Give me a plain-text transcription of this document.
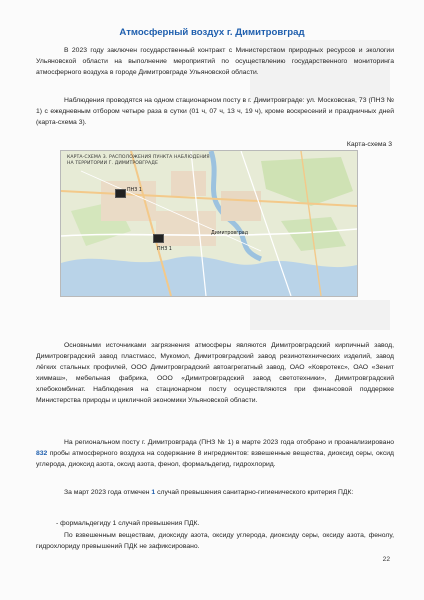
Атмосферный воздух г. Димитровград
В 2023 году заключен государственный контракт с Министерством природных ресурсов и экологии Ульяновской области на выполнение мероприятий по осуществлению государственного мониторинга атмосферного воздуха в городе Димитровграде Ульяновской области.
Наблюдения проводятся на одном стационарном посту в г. Димитровграде: ул. Московская, 73 (ПНЗ № 1) с ежедневным отбором четыре раза в сутки (01 ч, 07 ч, 13 ч, 19 ч), кроме воскресений и праздничных дней (карта-схема 3).
Карта-схема 3
КАРТА-СХЕМА 3. РАСПОЛОЖЕНИЯ ПУНКТА НАБЛЮДЕНИЯ
НА ТЕРРИТОРИИ Г. ДИМИТРОВГРАДЕ
ПНЗ 1
ПНЗ 1
Димитровград
Основными источниками загрязнения атмосферы являются Димитровградский кирпичный завод, Димитровградский завод пластмасс, Мукомол, Димитровградский завод резинотехнических изделий, завод лёгких стальных профилей, ООО Димитровградский автоагрегатный завод, ОАО «Ковротекс», ОАО «Зенит химмаш», мебельная фабрика, ООО «Димитровградский завод светотехники», Димитровградский хлебокомбинат. Наблюдения на стационарном посту осуществляются при финансовой поддержке Министерства природы и цикличной экономики Ульяновской области.
На региональном посту г. Димитровграда (ПНЗ № 1) в марте 2023 года отобрано и проанализировано 832 пробы атмосферного воздуха на содержание 8 ингредиентов: взвешенные вещества, диоксид серы, оксид углерода, диоксид азота, оксид азота, фенол, формальдегид, гидрохлорид.
За март 2023 года отмечен 1 случай превышения санитарно-гигиенического критерия ПДК:
- формальдегиду 1 случай превышения ПДК.
По взвешенным веществам, диоксиду азота, оксиду углерода, диоксиду серы, оксиду азота, фенолу, гидрохлориду превышений ПДК не зафиксировано.
22
